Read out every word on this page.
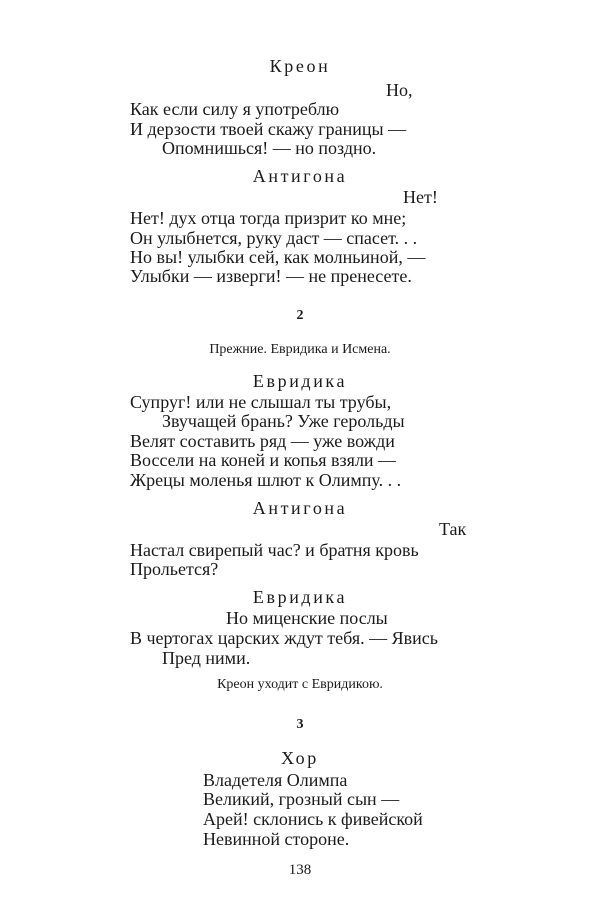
Креон
Но,
Как если силу я употреблю
И дерзости твоей скажу границы —
Опомнишься! — но поздно.
Антигона
Нет!
Нет! дух отца тогда призрит ко мне;
Он улыбнется, руку даст — спасет. . .
Но вы! улыбки сей, как молньиной, —
Улыбки — изверги! — не пренесете.
2
Прежние. Евридика и Исмена.
Евридика
Супруг! или не слышал ты трубы,
Звучащей брань? Уже герольды
Велят составить ряд — уже вожди
Воссели на коней и копья взяли —
Жрецы моленья шлют к Олимпу. . .
Антигона
Так
Настал свирепый час? и братня кровь
Прольется?
Евридика
Но миценские послы
В чертогах царских ждут тебя. — Явись
Пред ними.
Креон уходит с Евридикою.
3
Хор
Владетеля Олимпа
Великий, грозный сын —
Арей! склонись к фивейской
Невинной стороне.
138
